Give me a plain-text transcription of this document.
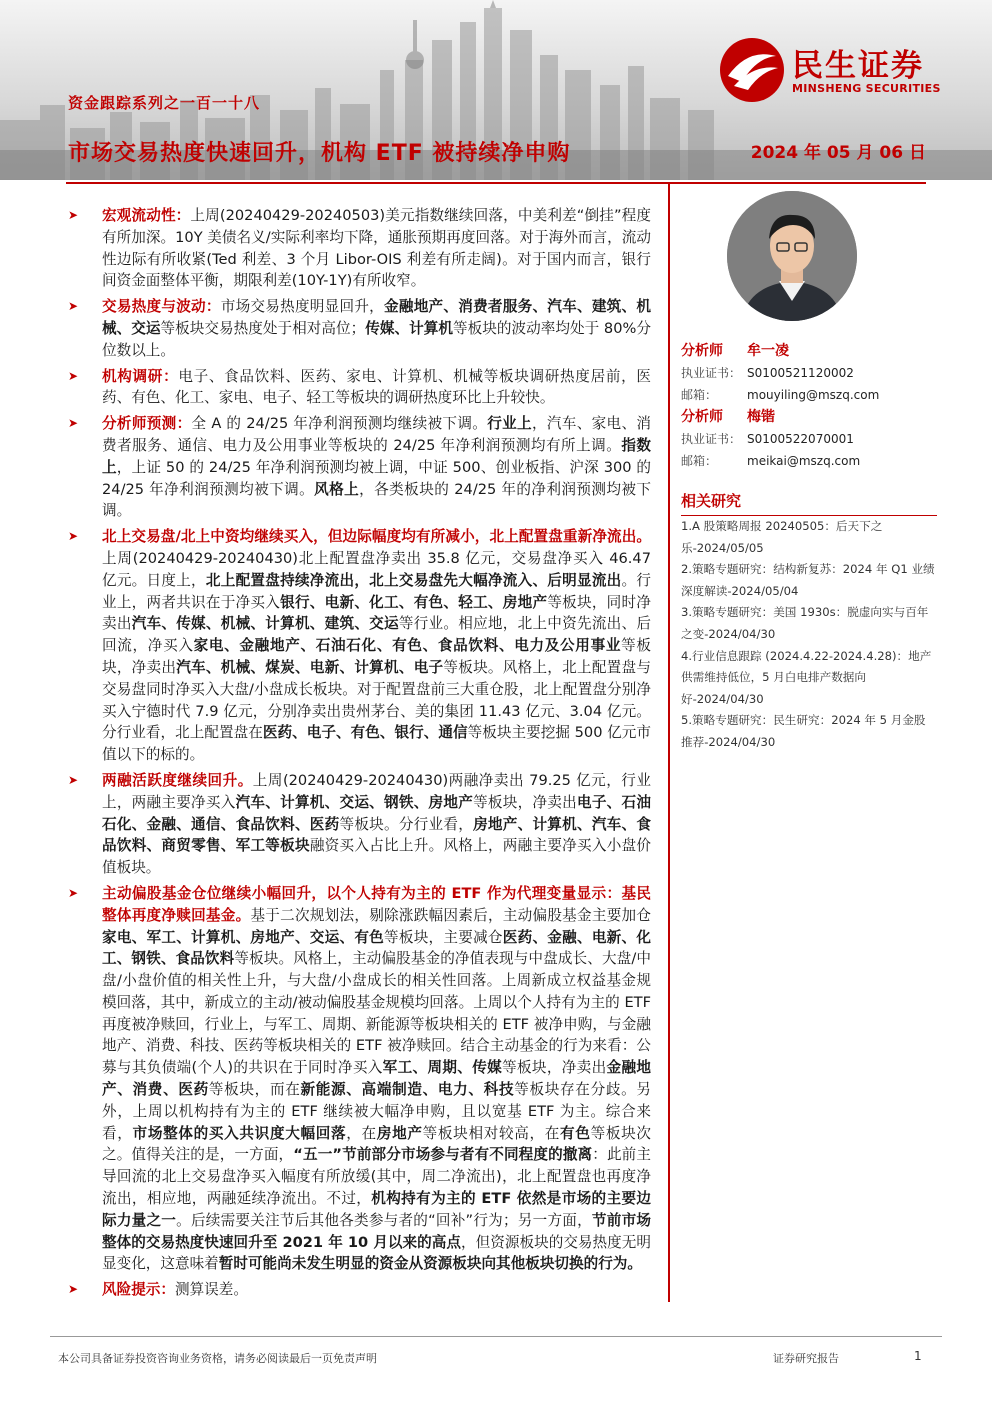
民生证券
MINSHENG SECURITIES
资金跟踪系列之一百一十八
市场交易热度快速回升，机构 ETF 被持续净申购	2024 年 05 月 06 日
➤ 宏观流动性：上周(20240429-20240503)美元指数继续回落，中美利差“倒挂”程度有所加深。10Y 美债名义/实际利率均下降，通胀预期再度回落。对于海外而言，流动性边际有所收紧(Ted 利差、3 个月 Libor-OIS 利差有所走阔)。对于国内而言，银行间资金面整体平衡，期限利差(10Y-1Y)有所收窄。
➤ 交易热度与波动：市场交易热度明显回升，金融地产、消费者服务、汽车、建筑、机械、交运等板块交易热度处于相对高位；传媒、计算机等板块的波动率均处于 80%分位数以上。
➤ 机构调研：电子、食品饮料、医药、家电、计算机、机械等板块调研热度居前，医药、有色、化工、家电、电子、轻工等板块的调研热度环比上升较快。
➤ 分析师预测：全 A 的 24/25 年净利润预测均继续被下调。行业上，汽车、家电、消费者服务、通信、电力及公用事业等板块的 24/25 年净利润预测均有所上调。指数上，上证 50 的 24/25 年净利润预测均被上调，中证 500、创业板指、沪深 300 的 24/25 年净利润预测均被下调。风格上，各类板块的 24/25 年的净利润预测均被下调。
➤ 北上交易盘/北上中资均继续买入，但边际幅度均有所减小，北上配置盘重新净流出。上周(20240429-20240430)北上配置盘净卖出 35.8 亿元，交易盘净买入 46.47 亿元。日度上，北上配置盘持续净流出，北上交易盘先大幅净流入、后明显流出。行业上，两者共识在于净买入银行、电新、化工、有色、轻工、房地产等板块，同时净卖出汽车、传媒、机械、计算机、建筑、交运等行业。相应地，北上中资先流出、后回流，净买入家电、金融地产、石油石化、有色、食品饮料、电力及公用事业等板块，净卖出汽车、机械、煤炭、电新、计算机、电子等板块。风格上，北上配置盘与交易盘同时净买入大盘/小盘成长板块。对于配置盘前三大重仓股，北上配置盘分别净买入宁德时代 7.9 亿元，分别净卖出贵州茅台、美的集团 11.43 亿元、3.04 亿元。分行业看，北上配置盘在医药、电子、有色、银行、通信等板块主要挖掘 500 亿元市值以下的标的。
➤ 两融活跃度继续回升。上周(20240429-20240430)两融净卖出 79.25 亿元，行业上，两融主要净买入汽车、计算机、交运、钢铁、房地产等板块，净卖出电子、石油石化、金融、通信、食品饮料、医药等板块。分行业看，房地产、计算机、汽车、食品饮料、商贸零售、军工等板块融资买入占比上升。风格上，两融主要净买入小盘价值板块。
➤ 主动偏股基金仓位继续小幅回升，以个人持有为主的 ETF 作为代理变量显示：基民整体再度净赎回基金。基于二次规划法，剔除涨跌幅因素后，主动偏股基金主要加仓家电、军工、计算机、房地产、交运、有色等板块，主要减仓医药、金融、电新、化工、钢铁、食品饮料等板块。风格上，主动偏股基金的净值表现与中盘成长、大盘/中盘/小盘价值的相关性上升，与大盘/小盘成长的相关性回落。上周新成立权益基金规模回落，其中，新成立的主动/被动偏股基金规模均回落。上周以个人持有为主的 ETF 再度被净赎回，行业上，与军工、周期、新能源等板块相关的 ETF 被净申购，与金融地产、消费、科技、医药等板块相关的 ETF 被净赎回。结合主动基金的行为来看：公募与其负债端(个人)的共识在于同时净买入军工、周期、传媒等板块，净卖出金融地产、消费、医药等板块，而在新能源、高端制造、电力、科技等板块存在分歧。另外，上周以机构持有为主的 ETF 继续被大幅净申购，且以宽基 ETF 为主。综合来看，市场整体的买入共识度大幅回落，在房地产等板块相对较高，在有色等板块次之。值得关注的是，一方面，“五一”节前部分市场参与者有不同程度的撤离：此前主导回流的北上交易盘净买入幅度有所放缓(其中，周二净流出)，北上配置盘也再度净流出，相应地，两融延续净流出。不过，机构持有为主的 ETF 依然是市场的主要边际力量之一。后续需要关注节后其他各类参与者的“回补”行为；另一方面，节前市场整体的交易热度快速回升至 2021 年 10 月以来的高点，但资源板块的交易热度无明显变化，这意味着暂时可能尚未发生明显的资金从资源板块向其他板块切换的行为。
➤ 风险提示：测算误差。
分析师 牟一凌
执业证书： S0100521120002
邮箱： mouyiling@mszq.com
分析师 梅锴
执业证书： S0100522070001
邮箱： meikai@mszq.com
相关研究
1.A 股策略周报 20240505：后天下之乐-2024/05/05
2.策略专题研究：结构新复苏：2024 年 Q1 业绩深度解读-2024/05/04
3.策略专题研究：美国 1930s：脱虚向实与百年之变-2024/04/30
4.行业信息跟踪 (2024.4.22-2024.4.28)：地产供需维持低位，5 月白电排产数据向好-2024/04/30
5.策略专题研究：民生研究：2024 年 5 月金股推荐-2024/04/30
本公司具备证券投资咨询业务资格，请务必阅读最后一页免责声明	证券研究报告	1
